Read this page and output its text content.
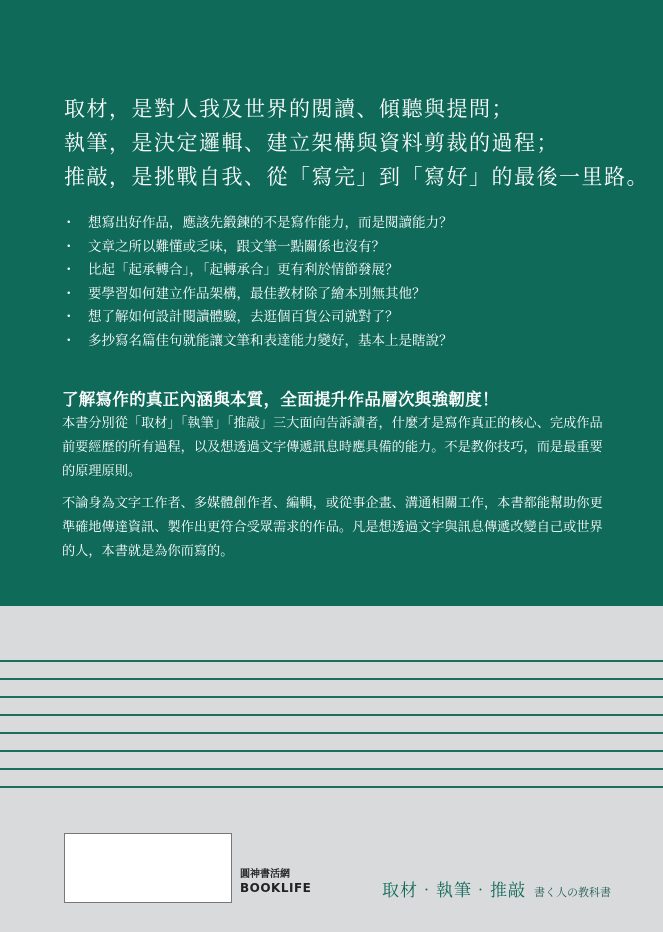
取材，是對人我及世界的閱讀、傾聽與提問；
執筆，是決定邏輯、建立架構與資料剪裁的過程；
推敲，是挑戰自我、從「寫完」到「寫好」的最後一里路。
・ 想寫出好作品，應該先鍛鍊的不是寫作能力，而是閱讀能力？
・ 文章之所以難懂或乏味，跟文筆一點關係也沒有？
・ 比起「起承轉合」，「起轉承合」更有利於情節發展？
・ 要學習如何建立作品架構，最佳教材除了繪本別無其他？
・ 想了解如何設計閱讀體驗，去逛個百貨公司就對了？
・ 多抄寫名篇佳句就能讓文筆和表達能力變好，基本上是瞎說？
了解寫作的真正內涵與本質，全面提升作品層次與強韌度！
本書分別從「取材」「執筆」「推敲」三大面向告訴讀者，什麼才是寫作真正的核心、完成作品前要經歷的所有過程，以及想透過文字傳遞訊息時應具備的能力。不是教你技巧，而是最重要的原理原則。
不論身為文字工作者、多媒體創作者、編輯，或從事企畫、溝通相關工作，本書都能幫助你更準確地傳達資訊、製作出更符合受眾需求的作品。凡是想透過文字與訊息傳遞改變自己或世界的人，本書就是為你而寫的。
圓神書活網
BOOKLIFE	取材‧執筆‧推敲 書く人の教科書
